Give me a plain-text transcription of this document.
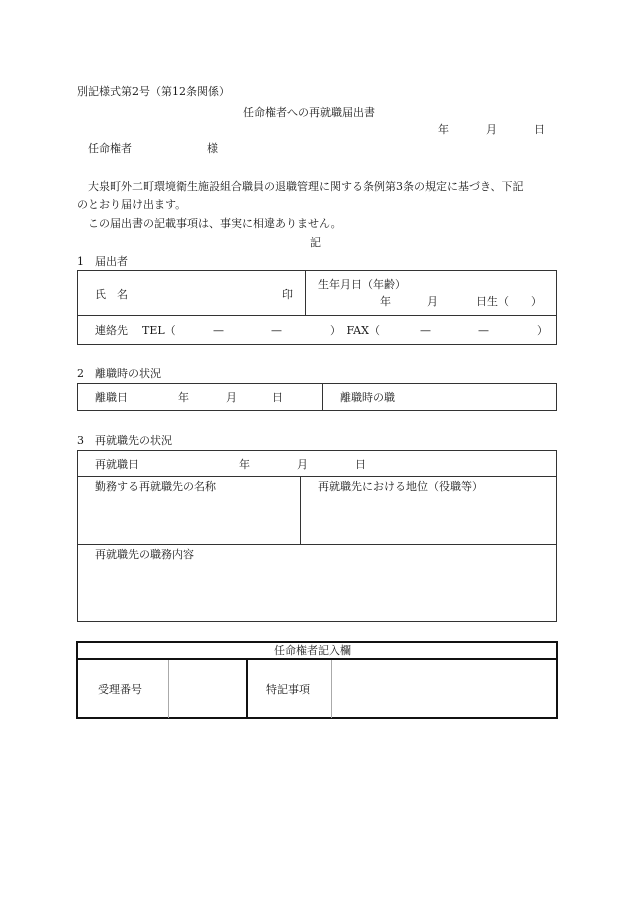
別記様式第2号（第12条関係）
任命権者への再就職届出書
年	月	日
任命権者	様
大泉町外二町環境衛生施設組合職員の退職管理に関する条例第3条の規定に基づき、下記
のとおり届け出ます。
この届出書の記載事項は、事実に相違ありません。
記
1　届出者
氏　名	印
生年月日（年齢）
年	月	日生（　　）
連絡先 TEL（	—	—	）　FAX（	—	—	）
2　離職時の状況
離職日	年	月	日	離職時の職
3　再就職先の状況
再就職日	年	月	日
勤務する再就職先の名称	再就職先における地位（役職等）
再就職先の職務内容
任命権者記入欄
受理番号	特記事項
